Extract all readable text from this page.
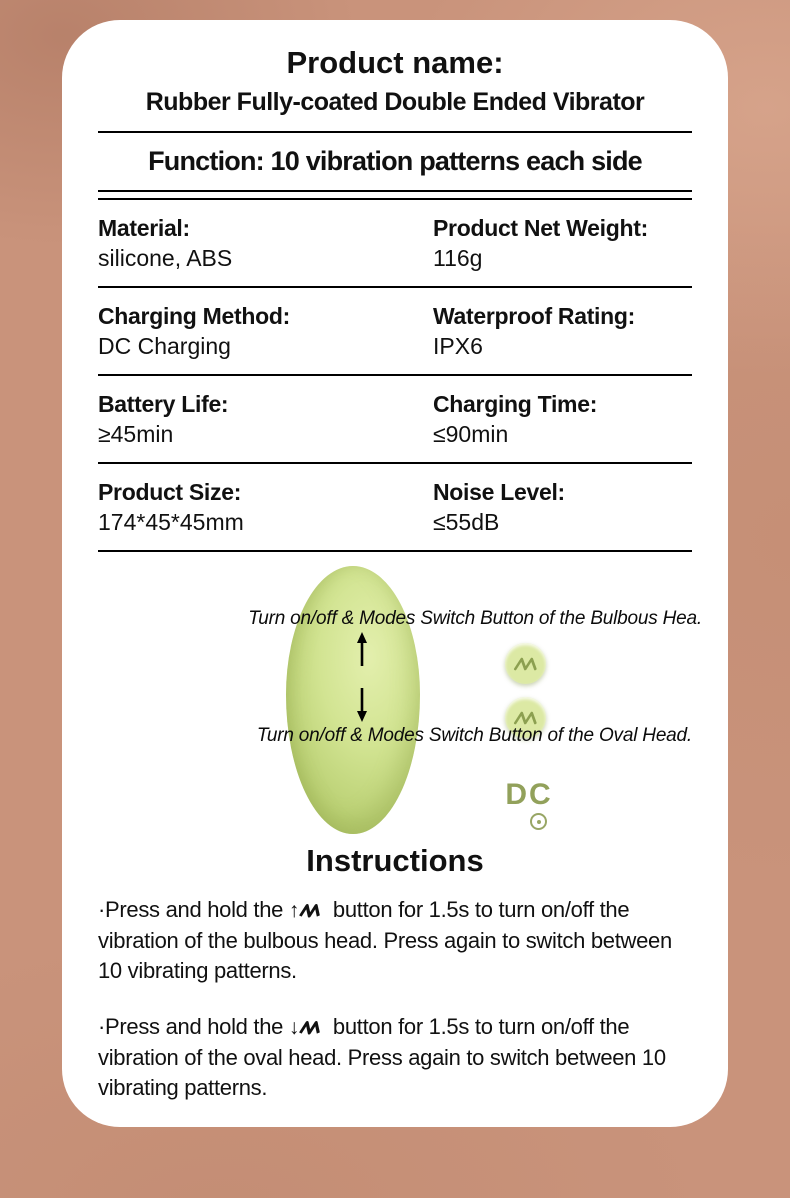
Product name:
Rubber Fully-coated Double Ended Vibrator
Function: 10 vibration patterns each side
Material:
silicone, ABS
Product Net Weight:
116g
Charging Method:
DC Charging
Waterproof Rating:
IPX6
Battery Life:
≥45min
Charging Time:
≤90min
Product Size:
174*45*45mm
Noise Level:
≤55dB
DC
Turn on/off & Modes Switch Button of the Bulbous Hea.
Turn on/off & Modes Switch Button of the Oval Head.
Instructions
·Press and hold the ↑ button for 1.5s to turn on/off the vibration of the bulbous head. Press again to switch between 10 vibrating patterns.
·Press and hold the ↓ button for 1.5s to turn on/off the vibration of the oval head. Press again to switch between 10 vibrating patterns.
